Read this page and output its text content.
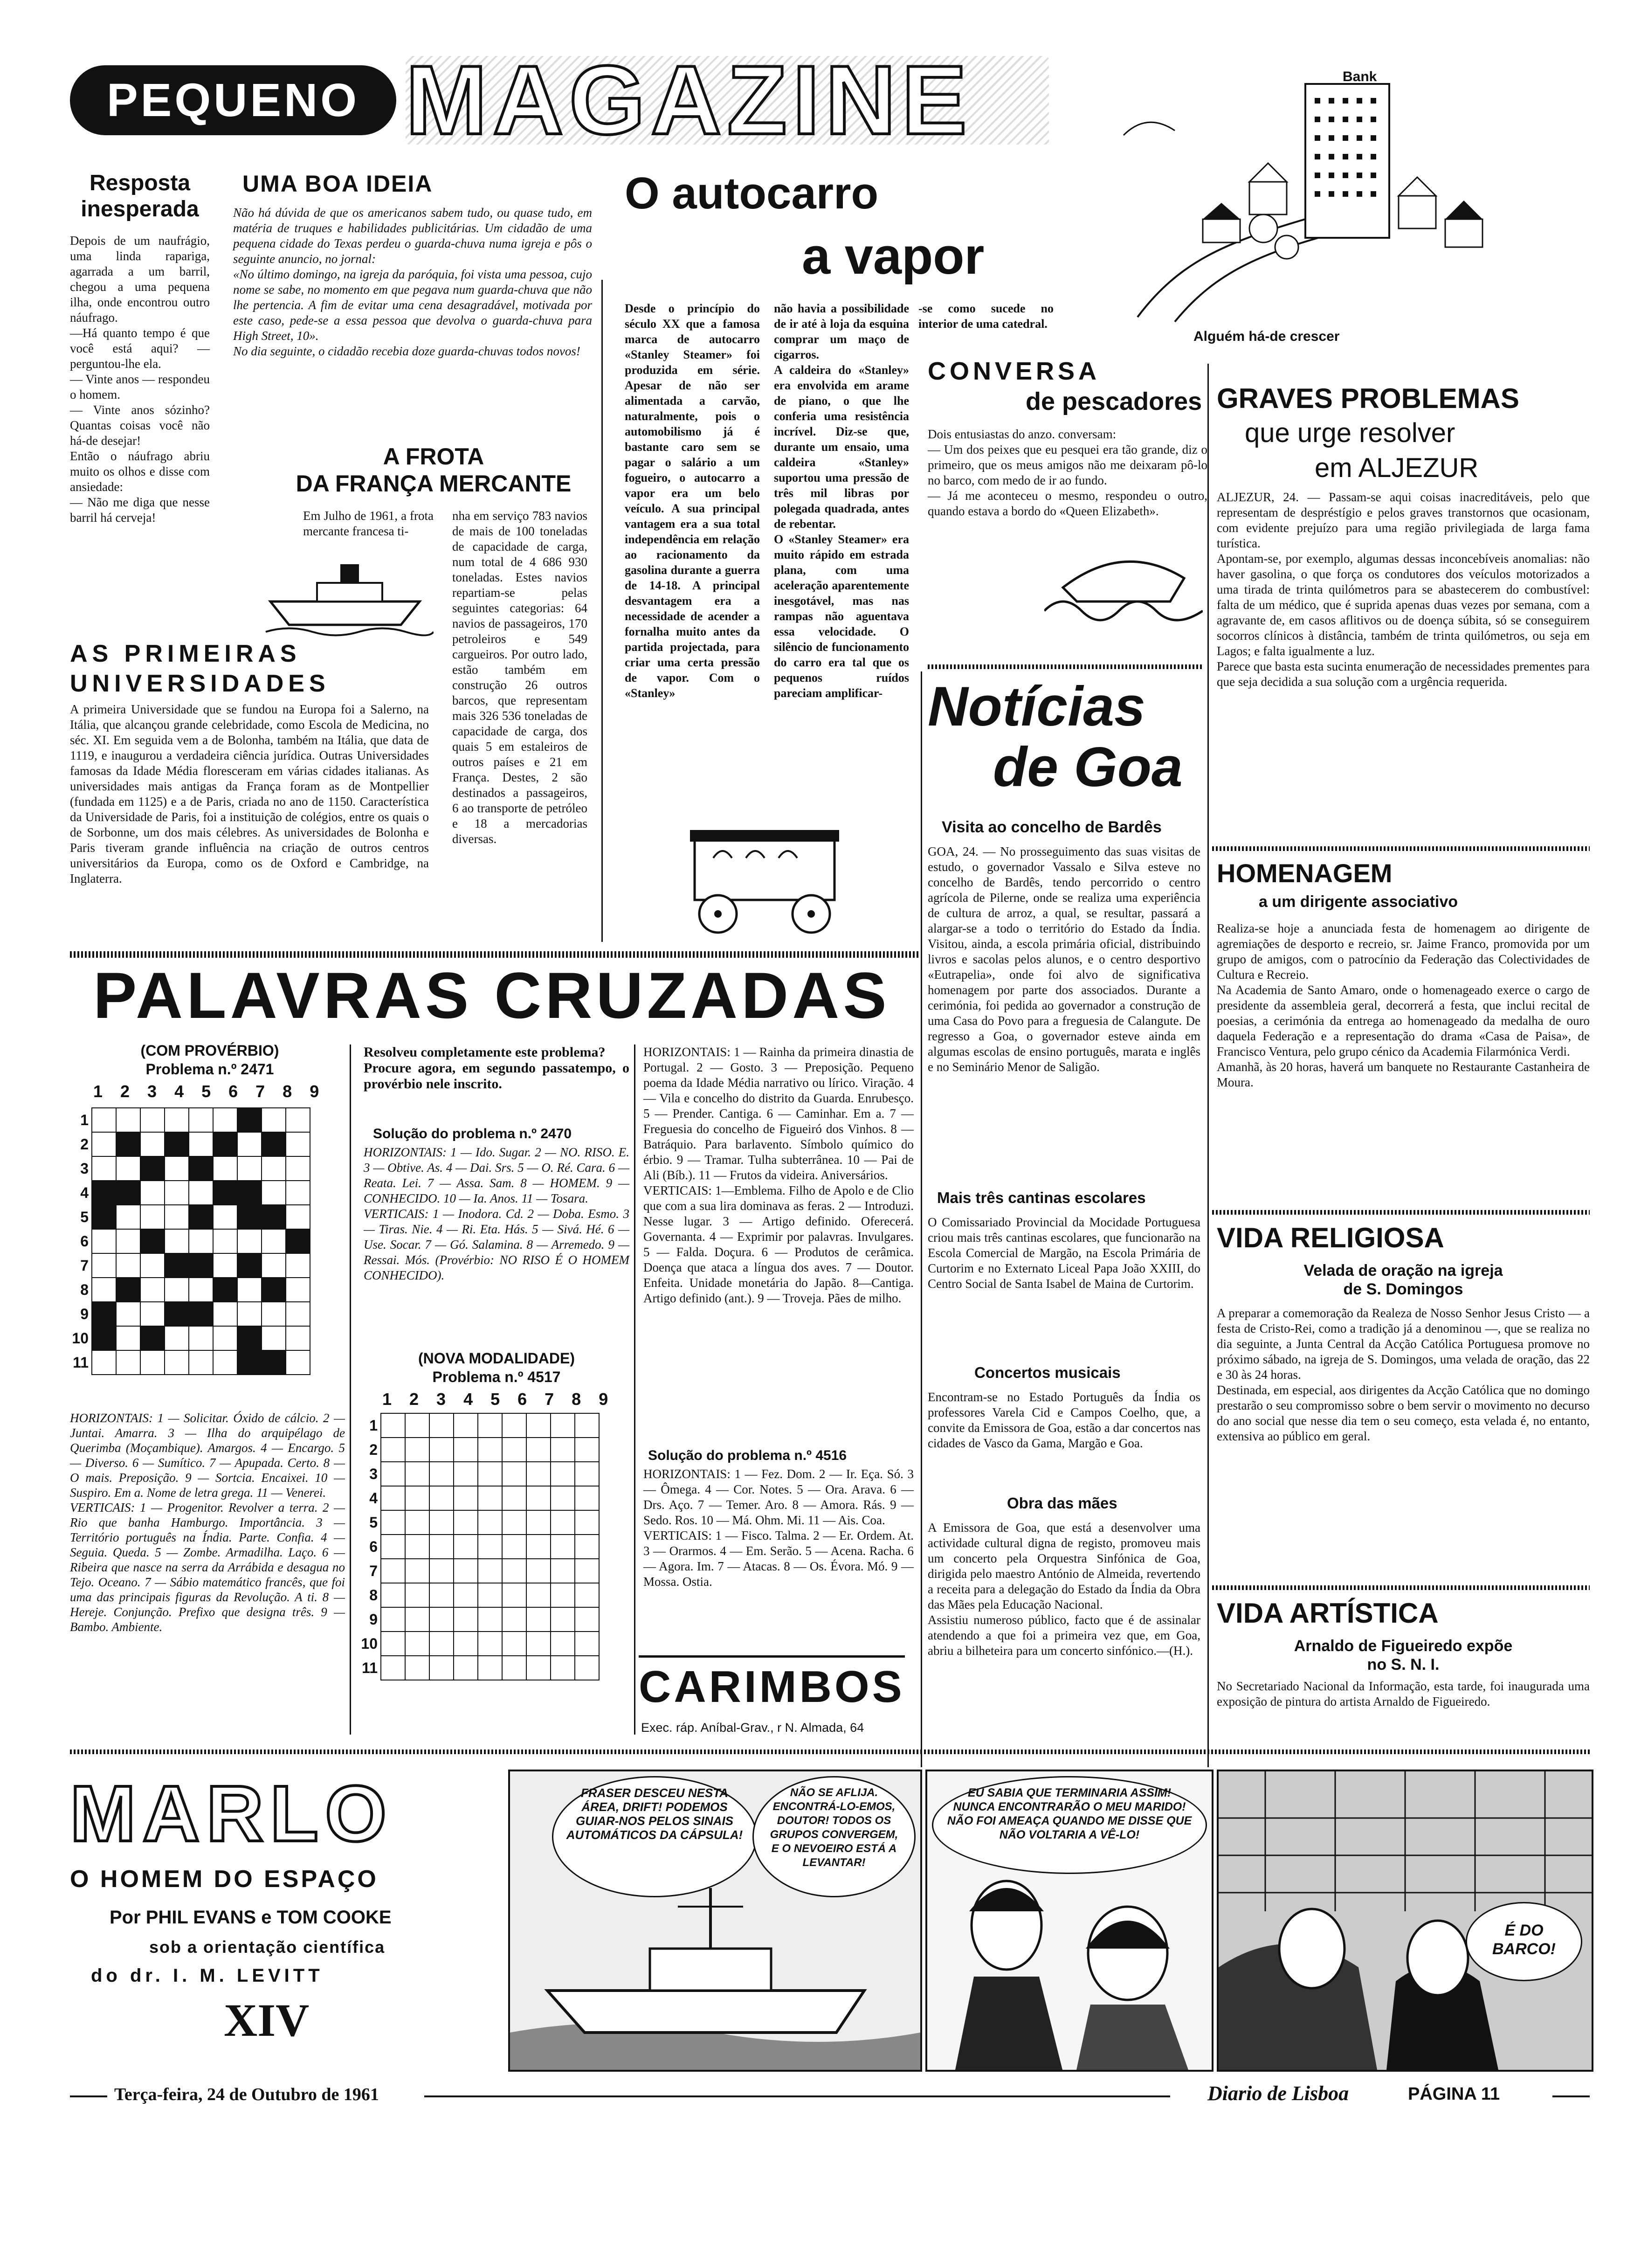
PEQUENO MAGAZINE	Bank
Alguém há-de crescer
Resposta
inesperada
Depois de um naufrágio, uma linda rapariga, agarrada a um barril, chegou a uma pequena ilha, onde encontrou outro náufrago.
—Há quanto tempo é que você está aqui? — perguntou-lhe ela.
— Vinte anos — respondeu o homem.
— Vinte anos sózinho? Quantas coisas você não há-de desejar!
Então o náufrago abriu muito os olhos e disse com ansiedade:
— Não me diga que nesse barril há cerveja!
UMA BOA IDEIA
Não há dúvida de que os americanos sabem tudo, ou quase tudo, em matéria de truques e habilidades publicitárias. Um cidadão de uma pequena cidade do Texas perdeu o guarda-chuva numa igreja e pôs o seguinte anuncio, no jornal:
«No último domingo, na igreja da paróquia, foi vista uma pessoa, cujo nome se sabe, no momento em que pegava num guarda-chuva que não lhe pertencia. A fim de evitar uma cena desagradável, motivada por este caso, pede-se a essa pessoa que devolva o guarda-chuva para High Street, 10».
No dia seguinte, o cidadão recebia doze guarda-chuvas todos novos!
A FROTA
DA FRANÇA MERCANTE
Em Julho de 1961, a frota mercante francesa ti-
nha em serviço 783 navios de mais de 100 toneladas de capacidade de carga, num total de 4 686 930 toneladas. Estes navios repartiam-se pelas seguintes categorias: 64 navios de passageiros, 170 petroleiros e 549 cargueiros. Por outro lado, estão também em construção 26 outros barcos, que representam mais 326 536 toneladas de capacidade de carga, dos quais 5 em estaleiros de outros países e 21 em França. Destes, 2 são destinados a passageiros, 6 ao transporte de petróleo e 18 a mercadorias diversas.
AS PRIMEIRAS
UNIVERSIDADES
A primeira Universidade que se fundou na Europa foi a Salerno, na Itália, que alcançou grande celebridade, como Escola de Medicina, no séc. XI. Em seguida vem a de Bolonha, também na Itália, que data de 1119, e inaugurou a verdadeira ciência jurídica. Outras Universidades famosas da Idade Média floresceram em várias cidades italianas. As universidades mais antigas da França foram as de Montpellier (fundada em 1125) e a de Paris, criada no ano de 1150. Característica da Universidade de Paris, foi a instituição de colégios, entre os quais o de Sorbonne, um dos mais célebres. As universidades de Bolonha e Paris tiveram grande influência na criação de outros centros universitários da Europa, como os de Oxford e Cambridge, na Inglaterra.
O autocarro
a vapor
Desde o princípio do século XX que a famosa marca de autocarro «Stanley Steamer» foi produzida em série. Apesar de não ser alimentada a carvão, naturalmente, pois o automobilismo já é bastante caro sem se pagar o salário a um fogueiro, o autocarro a vapor era um belo veículo. A sua principal vantagem era a sua total independência em relação ao racionamento da gasolina durante a guerra de 14-18. A principal desvantagem era a necessidade de acender a fornalha muito antes da partida projectada, para criar uma certa pressão de vapor. Com o «Stanley»
não havia a possibilidade de ir até à loja da esquina comprar um maço de cigarros.
A caldeira do «Stanley» era envolvida em arame de piano, o que lhe conferia uma resistência incrível. Diz-se que, durante um ensaio, uma caldeira «Stanley» suportou uma pressão de três mil libras por polegada quadrada, antes de rebentar.
O «Stanley Steamer» era muito rápido em estrada plana, com uma aceleração aparentemente inesgotável, mas nas rampas não aguentava essa velocidade. O silêncio de funcionamento do carro era tal que os pequenos ruídos pareciam amplificar-
-se como sucede no interior de uma catedral.
CONVERSA
de pescadores
Dois entusiastas do anzo. conversam:
— Um dos peixes que eu pesquei era tão grande, diz o primeiro, que os meus amigos não me deixaram pô-lo no barco, com medo de ir ao fundo.
— Já me aconteceu o mesmo, respondeu o outro, quando estava a bordo do «Queen Elizabeth».
GRAVES PROBLEMAS
que urge resolver
em ALJEZUR
ALJEZUR, 24. — Passam-se aqui coisas inacreditáveis, pelo que representam de despréstígio e pelos graves transtornos que ocasionam, com evidente prejuízo para uma região privilegiada de larga fama turística.
Apontam-se, por exemplo, algumas dessas inconcebíveis anomalias: não haver gasolina, o que força os condutores dos veículos motorizados a uma tirada de trinta quilómetros para se abastecerem do combustível: falta de um médico, que é suprida apenas duas vezes por semana, com a agravante de, em casos aflitivos ou de doença súbita, só se conseguirem socorros clínicos à distância, também de trinta quilómetros, ou seja em Lagos; e falta igualmente a luz.
Parece que basta esta sucinta enumeração de necessidades prementes para que seja decidida a sua solução com a urgência requerida.
HOMENAGEM
a um dirigente associativo
Realiza-se hoje a anunciada festa de homenagem ao dirigente de agremiações de desporto e recreio, sr. Jaime Franco, promovida por um grupo de amigos, com o patrocínio da Federação das Colectividades de Cultura e Recreio.
Na Academia de Santo Amaro, onde o homenageado exerce o cargo de presidente da assembleia geral, decorrerá a festa, que inclui recital de poesias, a cerimónia da entrega ao homenageado da medalha de ouro daquela Federação e a representação do drama «Casa de Paisa», de Francisco Ventura, pelo grupo cénico da Academia Filarmónica Verdi.
Amanhã, às 20 horas, haverá um banquete no Restaurante Castanheira de Moura.
VIDA RELIGIOSA
Velada de oração na igreja
de S. Domingos
A preparar a comemoração da Realeza de Nosso Senhor Jesus Cristo — a festa de Cristo-Rei, como a tradição já a denominou —, que se realiza no dia seguinte, a Junta Central da Acção Católica Portuguesa promove no próximo sábado, na igreja de S. Domingos, uma velada de oração, das 22 e 30 às 24 horas.
Destinada, em especial, aos dirigentes da Acção Católica que no domingo prestarão o seu compromisso sobre o bem servir o movimento no decurso do ano social que nesse dia tem o seu começo, esta velada é, no entanto, extensiva ao público em geral.
VIDA ARTÍSTICA
Arnaldo de Figueiredo expõe
no S. N. I.
No Secretariado Nacional da Informação, esta tarde, foi inaugurada uma exposição de pintura do artista Arnaldo de Figueiredo.
Notícias
de Goa
Visita ao concelho de Bardês
GOA, 24. — No prosseguimento das suas visitas de estudo, o governador Vassalo e Silva esteve no concelho de Bardês, tendo percorrido o centro agrícola de Pilerne, onde se realiza uma experiência de cultura de arroz, a qual, se resultar, passará a alargar-se a todo o território do Estado da Índia. Visitou, ainda, a escola primária oficial, distribuindo livros e sacolas pelos alunos, e o centro desportivo «Eutrapelia», onde foi alvo de significativa homenagem por parte dos associados. Durante a cerimónia, foi pedida ao governador a construção de uma Casa do Povo para a freguesia de Calangute. De regresso a Goa, o governador esteve ainda em algumas escolas de ensino português, marata e inglês e no Seminário Menor de Saligão.
Mais três cantinas escolares
O Comissariado Provincial da Mocidade Portuguesa criou mais três cantinas escolares, que funcionarão na Escola Comercial de Margão, na Escola Primária de Curtorim e no Externato Liceal Papa João XXIII, do Centro Social de Santa Isabel de Maina de Curtorim.
Concertos musicais
Encontram-se no Estado Português da Índia os professores Varela Cid e Campos Coelho, que, a convite da Emissora de Goa, estão a dar concertos nas cidades de Vasco da Gama, Margão e Goa.
Obra das mães
A Emissora de Goa, que está a desenvolver uma actividade cultural digna de registo, promoveu mais um concerto pela Orquestra Sinfónica de Goa, dirigida pelo maestro António de Almeida, revertendo a receita para a delegação do Estado da Índia da Obra das Mães pela Educação Nacional.
Assistiu numeroso público, facto que é de assinalar atendendo a que foi a primeira vez que, em Goa, abriu a bilheteira para um concerto sinfónico.—(H.).
PALAVRAS CRUZADAS
(COM PROVÉRBIO)
Problema n.º 2471
1 2 3 4 5 6 7 8 9
1									
2									
3									
4									
5									
6									
7									
8									
9									
10									
11									
HORIZONTAIS: 1 — Solicitar. Óxido de cálcio. 2 — Juntai. Amarra. 3 — Ilha do arquipélago de Querimba (Moçambique). Amargos. 4 — Encargo. 5 — Diverso. 6 — Sumítico. 7 — Apupada. Certo. 8 — O mais. Preposição. 9 — Sortcia. Encaixei. 10 — Suspiro. Em a. Nome de letra grega. 11 — Venerei.
VERTICAIS: 1 — Progenitor. Revolver a terra. 2 — Rio que banha Hamburgo. Importância. 3 — Território português na Índia. Parte. Confia. 4 — Seguia. Queda. 5 — Zombe. Armadilha. Laço. 6 — Ribeira que nasce na serra da Arrábida e desagua no Tejo. Oceano. 7 — Sábio matemático francês, que foi uma das principais figuras da Revolução. A ti. 8 — Hereje. Conjunção. Prefixo que designa três. 9 — Bambo. Ambiente.
Resolveu completamente este problema?
Procure agora, em segundo passatempo, o provérbio nele inscrito.
Solução do problema n.º 2470
HORIZONTAIS: 1 — Ido. Sugar. 2 — NO. RISO. E. 3 — Obtive. As. 4 — Dai. Srs. 5 — O. Ré. Cara. 6 — Reata. Lei. 7 — Assa. Sam. 8 — HOMEM. 9 — CONHECIDO. 10 — Ia. Anos. 11 — Tosara.
VERTICAIS: 1 — Inodora. Cd. 2 — Doba. Esmo. 3 — Tiras. Nie. 4 — Ri. Eta. Hás. 5 — Sivá. Hé. 6 — Use. Socar. 7 — Gó. Salamina. 8 — Arremedo. 9 — Ressai. Mós. (Provérbio: NO RISO É O HOMEM CONHECIDO).
(NOVA MODALIDADE)
Problema n.º 4517
1 2 3 4 5 6 7 8 9
1									
2									
3									
4									
5									
6									
7									
8									
9									
10									
11									
HORIZONTAIS: 1 — Rainha da primeira dinastia de Portugal. 2 — Gosto. 3 — Preposição. Pequeno poema da Idade Média narrativo ou lírico. Viração. 4 — Vila e concelho do distrito da Guarda. Enrubesço. 5 — Prender. Cantiga. 6 — Caminhar. Em a. 7 — Freguesia do concelho de Figueiró dos Vinhos. 8 — Batráquio. Para barlavento. Símbolo químico do érbio. 9 — Tramar. Tulha subterrânea. 10 — Pai de Ali (Bíb.). 11 — Frutos da videira. Aniversários.
VERTICAIS: 1—Emblema. Filho de Apolo e de Clio que com a sua lira dominava as feras. 2 — Introduzi. Nesse lugar. 3 — Artigo definido. Oferecerá. Governanta. 4 — Exprimir por palavras. Invulgares. 5 — Falda. Doçura. 6 — Produtos de cerâmica. Doença que ataca a língua dos aves. 7 — Doutor. Enfeita. Unidade monetária do Japão. 8—Cantiga. Artigo definido (ant.). 9 — Troveja. Pães de milho.
Solução do problema n.º 4516
HORIZONTAIS: 1 — Fez. Dom. 2 — Ir. Eça. Só. 3 — Ômega. 4 — Cor. Notes. 5 — Ora. Arava. 6 — Drs. Aço. 7 — Temer. Aro. 8 — Amora. Rás. 9 — Sedo. Ros. 10 — Má. Ohm. Mi. 11 — Ais. Coa.
VERTICAIS: 1 — Fisco. Talma. 2 — Er. Ordem. At. 3 — Orarmos. 4 — Em. Serão. 5 — Acena. Racha. 6 — Agora. Im. 7 — Atacas. 8 — Os. Évora. Mó. 9 — Mossa. Ostia.
CARIMBOS
Exec. ráp. Aníbal-Grav., r N. Almada, 64
MARLO
O HOMEM DO ESPAÇO
Por PHIL EVANS e TOM COOKE
sob a orientação científica
do dr. I. M. LEVITT
XIV
FRASER DESCEU NESTA ÁREA, DRIFT! PODEMOS GUIAR-NOS PELOS SINAIS AUTOMÁTICOS DA CÁPSULA!
NÃO SE AFLIJA. ENCONTRÁ-LO-EMOS, DOUTOR! TODOS OS GRUPOS CONVERGEM, E O NEVOEIRO ESTÁ A LEVANTAR!
EU SABIA QUE TERMINARIA ASSIM! NUNCA ENCONTRARÃO O MEU MARIDO! NÃO FOI AMEAÇA QUANDO ME DISSE QUE NÃO VOLTARIA A VÊ-LO!
É DO BARCO!
Terça-feira, 24 de Outubro de 1961	Diario de Lisboa	PÁGINA 11
